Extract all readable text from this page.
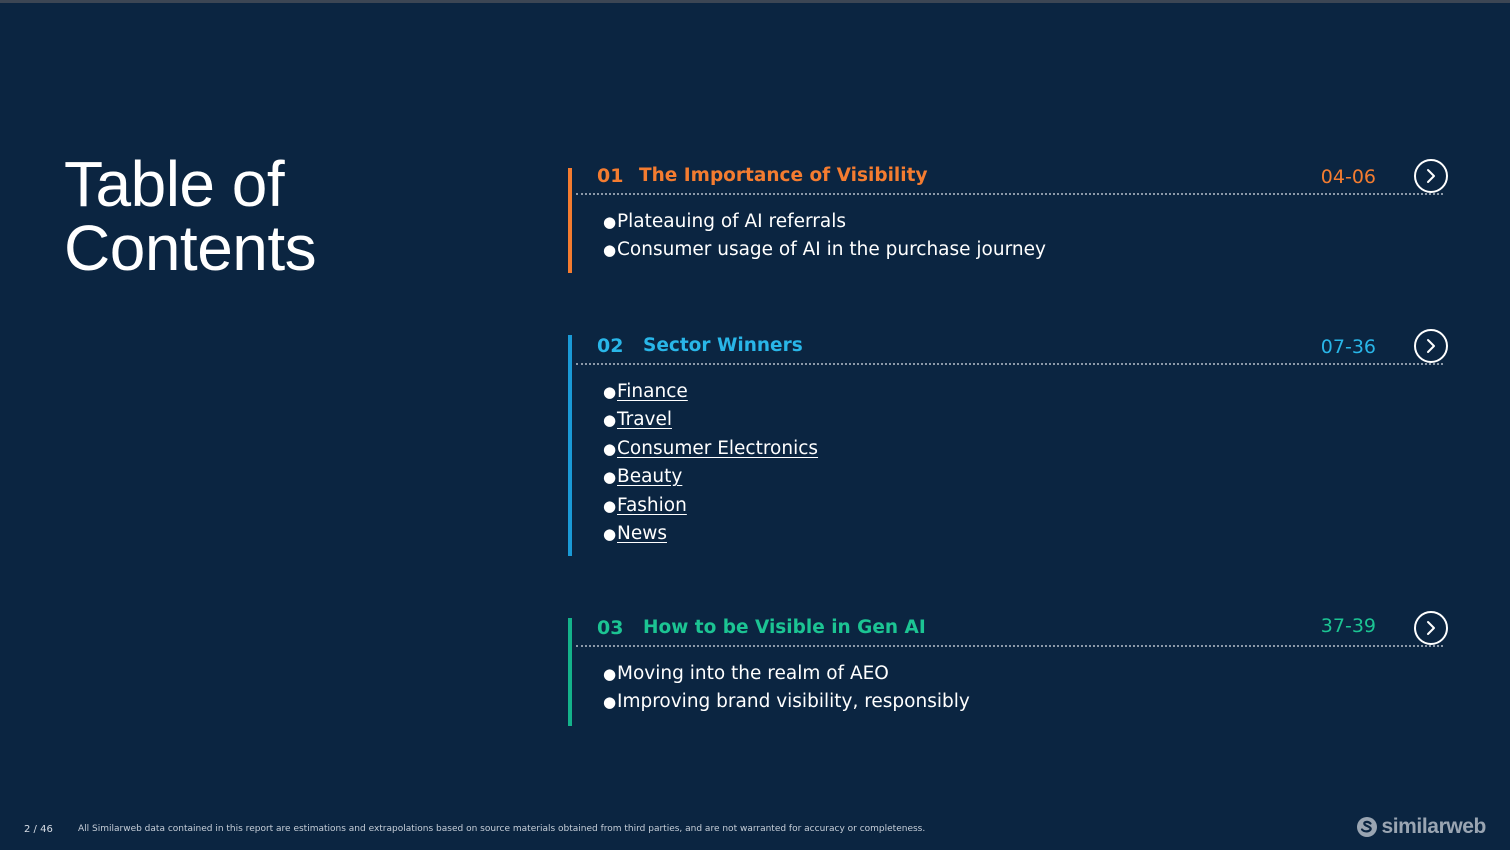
Table of Contents
01 The Importance of Visibility	04-06
●Plateauing of AI referrals
●Consumer usage of AI in the purchase journey
02 Sector Winners	07-36
●Finance
●Travel
●Consumer Electronics
●Beauty
●Fashion
●News
03 How to be Visible in Gen AI	37-39
●Moving into the realm of AEO
●Improving brand visibility, responsibly
2 / 46	All Similarweb data contained in this report are estimations and extrapolations based on source materials obtained from third parties, and are not warranted for accuracy or completeness.	similarweb
